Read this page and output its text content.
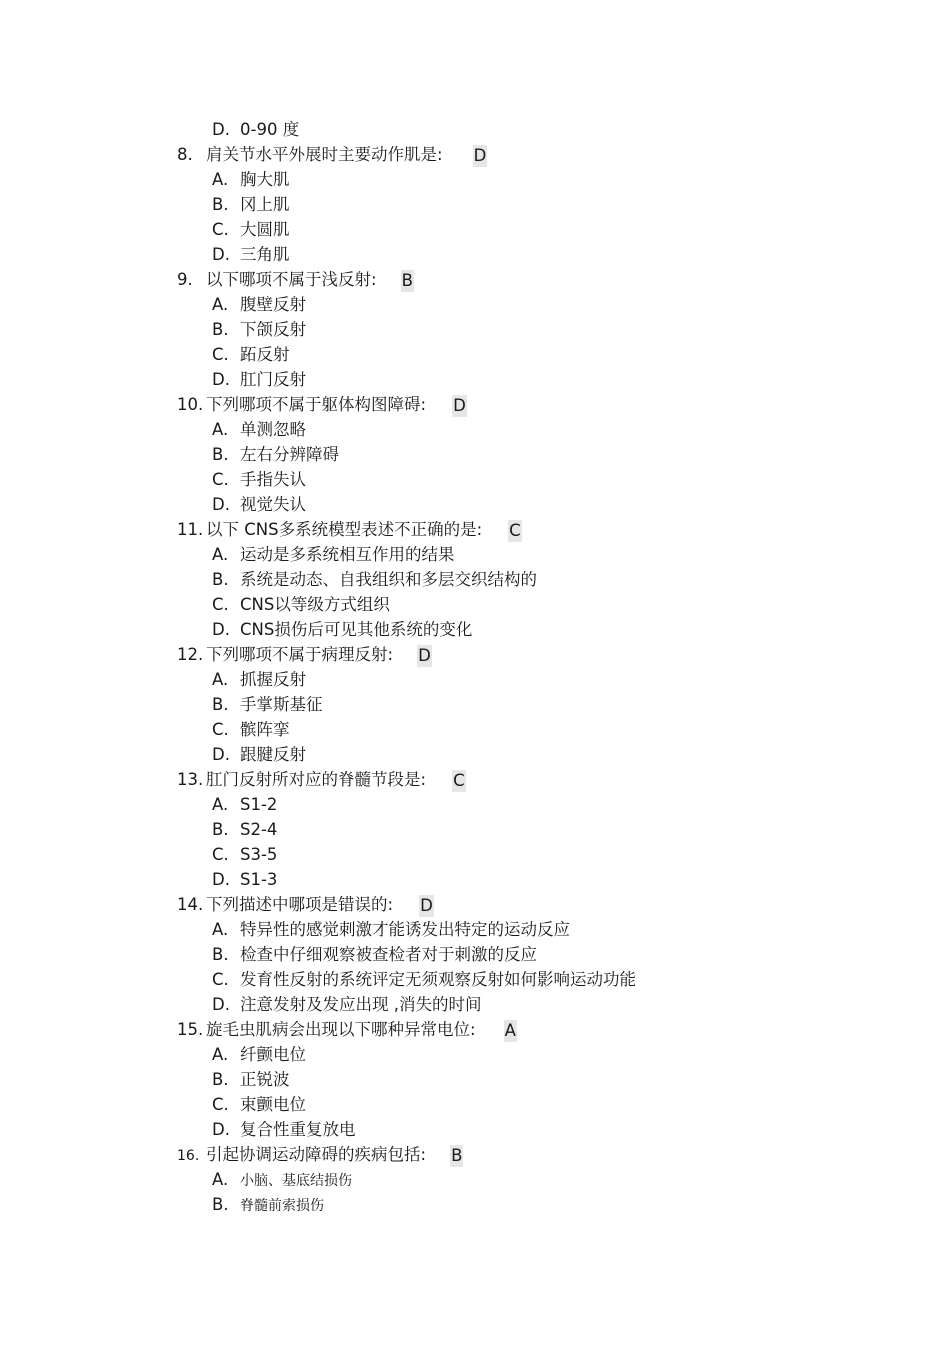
D. 0-90 度
8. 肩关节水平外展时主要动作肌是: D
A. 胸大肌
B. 冈上肌
C. 大圆肌
D. 三角肌
9. 以下哪项不属于浅反射: B
A. 腹壁反射
B. 下颌反射
C. 跖反射
D. 肛门反射
10. 下列哪项不属于躯体构图障碍: D
A. 单测忽略
B. 左右分辨障碍
C. 手指失认
D. 视觉失认
11. 以下 CNS多系统模型表述不正确的是: C
A. 运动是多系统相互作用的结果
B. 系统是动态、自我组织和多层交织结构的
C. CNS以等级方式组织
D. CNS损伤后可见其他系统的变化
12. 下列哪项不属于病理反射: D
A. 抓握反射
B. 手掌斯基征
C. 髌阵挛
D. 跟腱反射
13. 肛门反射所对应的脊髓节段是: C
A. S1-2
B. S2-4
C. S3-5
D. S1-3
14. 下列描述中哪项是错误的: D
A. 特异性的感觉刺激才能诱发出特定的运动反应
B. 检查中仔细观察被查检者对于刺激的反应
C. 发育性反射的系统评定无须观察反射如何影响运动功能
D. 注意发射及发应出现 ,消失的时间
15. 旋毛虫肌病会出现以下哪种异常电位: A
A. 纤颤电位
B. 正锐波
C. 束颤电位
D. 复合性重复放电
16. 引起协调运动障碍的疾病包括: B
A. 小脑、基底结损伤
B. 脊髓前索损伤
